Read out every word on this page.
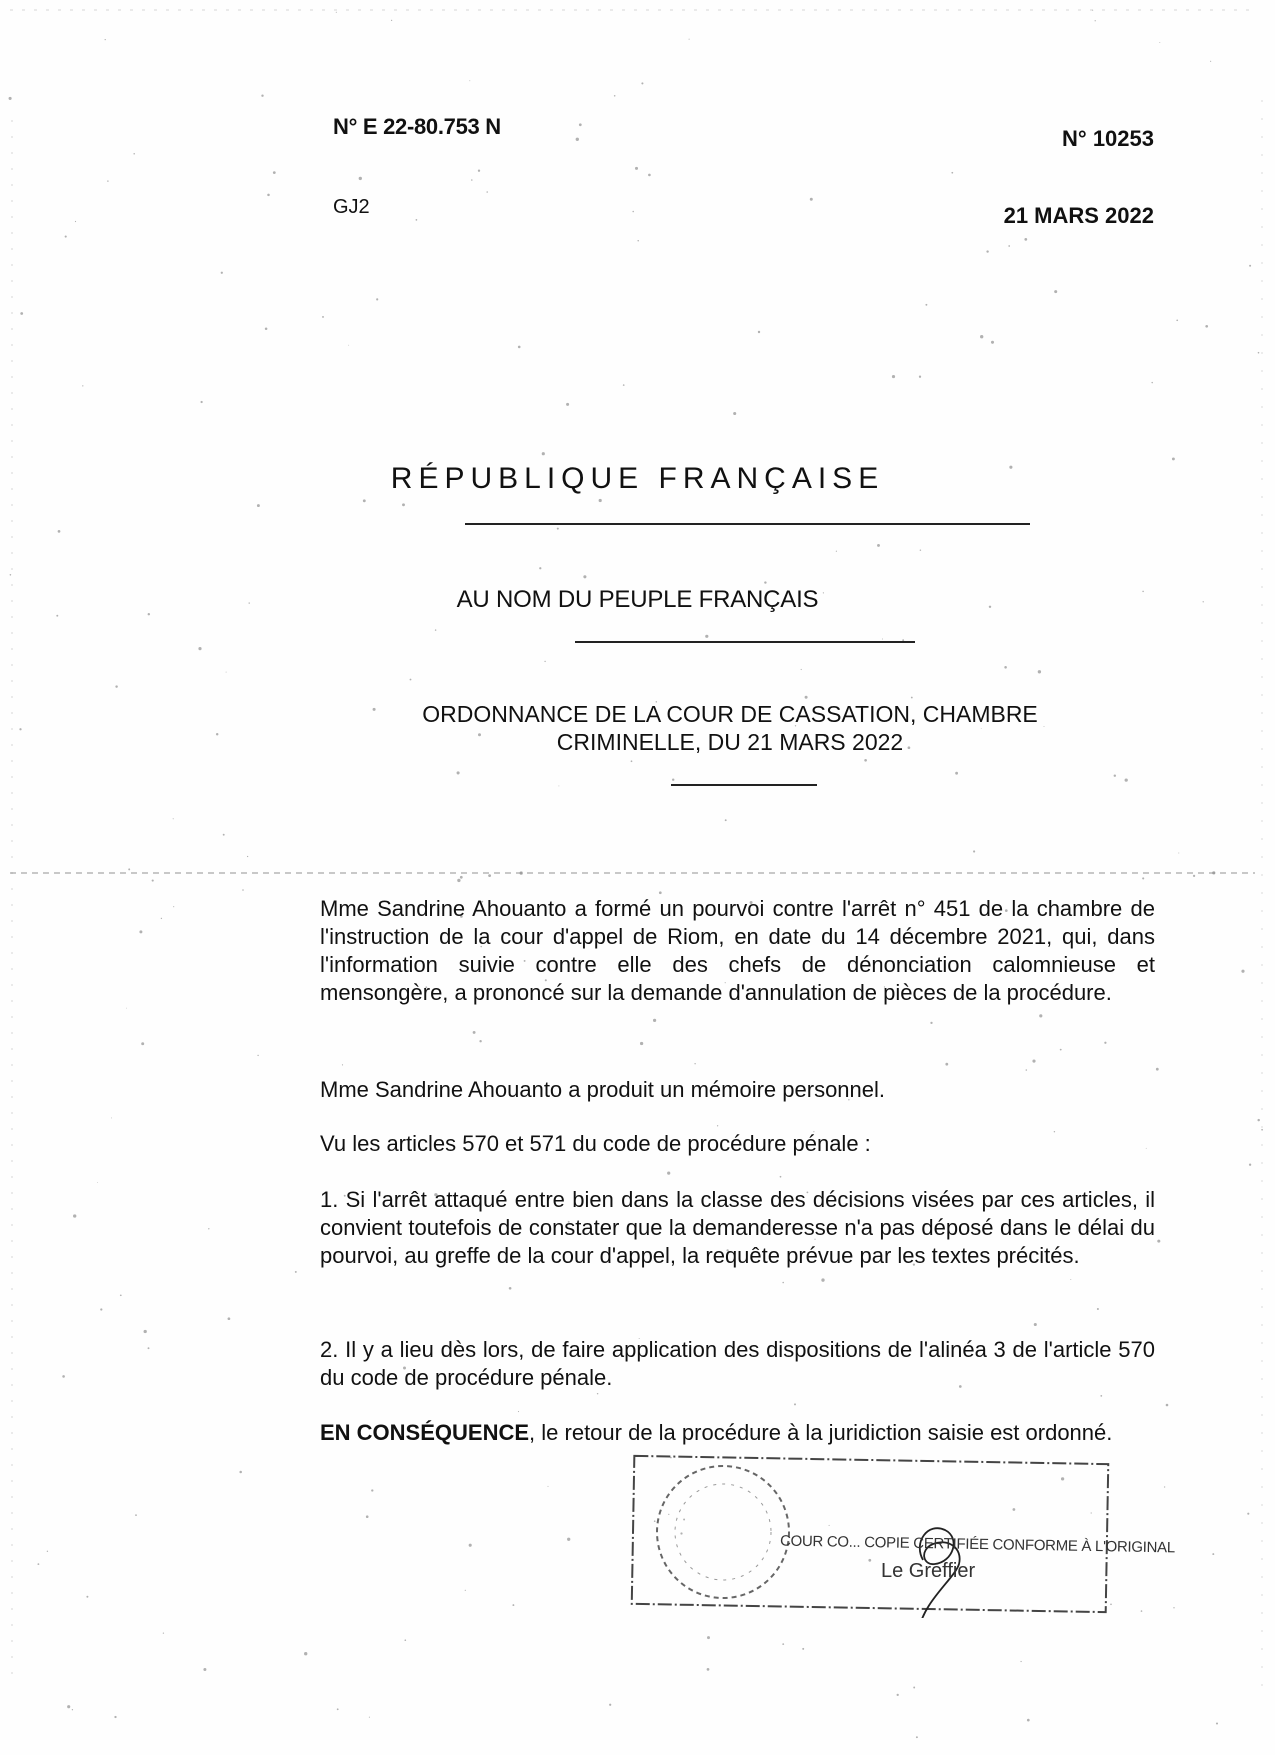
N° E 22-80.753 N
GJ2
N° 10253
21 MARS 2022
RÉPUBLIQUE FRANÇAISE
AU NOM DU PEUPLE FRANÇAIS
ORDONNANCE DE LA COUR DE CASSATION, CHAMBRE
CRIMINELLE, DU 21 MARS 2022
Mme Sandrine Ahouanto a formé un pourvoi contre l'arrêt n° 451 de la chambre de l'instruction de la cour d'appel de Riom, en date du 14 décembre 2021, qui, dans l'information suivie contre elle des chefs de dénonciation calomnieuse et mensongère, a prononcé sur la demande d'annulation de pièces de la procédure.
Mme Sandrine Ahouanto a produit un mémoire personnel.
Vu les articles 570 et 571 du code de procédure pénale :
1. Si l'arrêt attaqué entre bien dans la classe des décisions visées par ces articles, il convient toutefois de constater que la demanderesse n'a pas déposé dans le délai du pourvoi, au greffe de la cour d'appel, la requête prévue par les textes précités.
2. Il y a lieu dès lors, de faire application des dispositions de l'alinéa 3 de l'article 570 du code de procédure pénale.
EN CONSÉQUENCE, le retour de la procédure à la juridiction saisie est ordonné.
COUR CO... COPIE CERTIFIÉE CONFORME À L'ORIGINAL
Le Greffier
